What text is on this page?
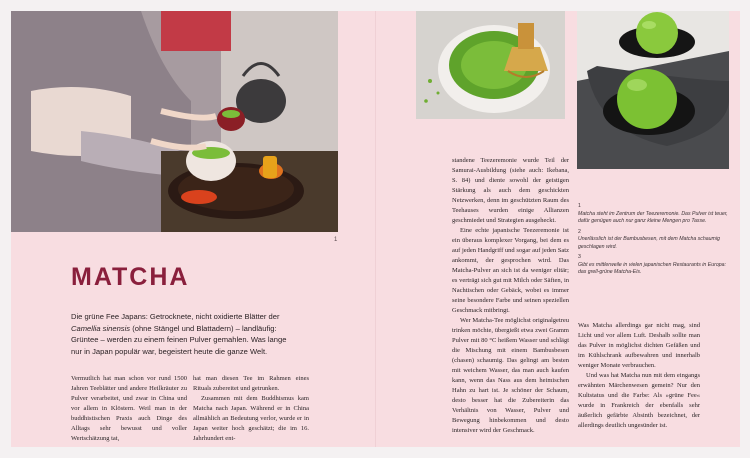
1
MATCHA

Die grüne Fee Japans: Getrocknete, nicht oxidierte Blätter der Camellia sinensis (ohne Stängel und Blattadern) – landläufig: Grüntee – werden zu einem feinen Pulver gemahlen. Was lange nur in Japan populär war, begeistert heute die ganze Welt.

Vermutlich hat man schon vor rund 1500 Jahren Teeblätter und andere Heilkräuter zu Pulver verarbeitet, und zwar in China und vor allem in Klöstern. Weil man in der buddhistischen Praxis auch Dinge des Alltags sehr bewusst und voller Wertschätzung tat,

hat man diesen Tee im Rahmen eines Rituals zubereitet und getrunken.

Zusammen mit dem Buddhismus kam Matcha nach Japan. Während er in China allmählich an Bedeutung verlor, wurde er in Japan weiter hoch geschätzt; die im 16. Jahrhundert ent-

standene Teezeremonie wurde Teil der Samurai-Ausbildung (siehe auch: Ikebana, S. 84) und diente sowohl der geistigen Stärkung als auch dem geschickten Netzwerken, denn im geschützten Raum des Teehauses wurden einige Allianzen geschmiedet und Strategien ausgeheckt.

Eine echte japanische Teezeremonie ist ein überaus komplexer Vorgang, bei dem es auf jeden Handgriff und sogar auf jeden Satz ankommt, der gesprochen wird. Das Matcha-Pulver an sich ist da weniger elitär; es verträgt sich gut mit Milch oder Säften, in Nachtischen oder Gebäck, wobei es immer seine besondere Farbe und seinen speziellen Geschmack mitbringt.

Wer Matcha-Tee möglichst originalgetreu trinken möchte, übergießt etwa zwei Gramm Pulver mit 80 °C heißem Wasser und schlägt die Mischung mit einem Bambusbesen (chasen) schaumig. Das gelingt am besten mit weichem Wasser, das man auch kaufen kann, wenn das Nass aus dem heimischen Hahn zu hart ist. Je schöner der Schaum, desto besser hat die Zubereiterin das Verhältnis von Wasser, Pulver und Bewegung hinbekommen und desto intensiver wird der Geschmack.

1
Matcha steht im Zentrum der Teezeremonie. Das Pulver ist teuer, dafür genügen auch nur ganz kleine Mengen pro Tasse.
2
Unerlässlich ist der Bambusbesen, mit dem Matcha schaumig geschlagen wird.
3
Gibt es mittlerweile in vielen japanischen Restaurants in Europa: das grell-grüne Matcha-Eis.

Was Matcha allerdings gar nicht mag, sind Licht und vor allem Luft. Deshalb sollte man das Pulver in möglichst dichten Gefäßen und im Kühlschrank aufbewahren und innerhalb weniger Monate verbrauchen.

Und was hat Matcha nun mit dem eingangs erwähnten Märchenwesen gemein? Nur den Kultstatus und die Farbe: Als »grüne Fee« wurde in Frankreich der ebenfalls sehr äußerlich gefärbte Absinth bezeichnet, der allerdings deutlich ungesünder ist.
